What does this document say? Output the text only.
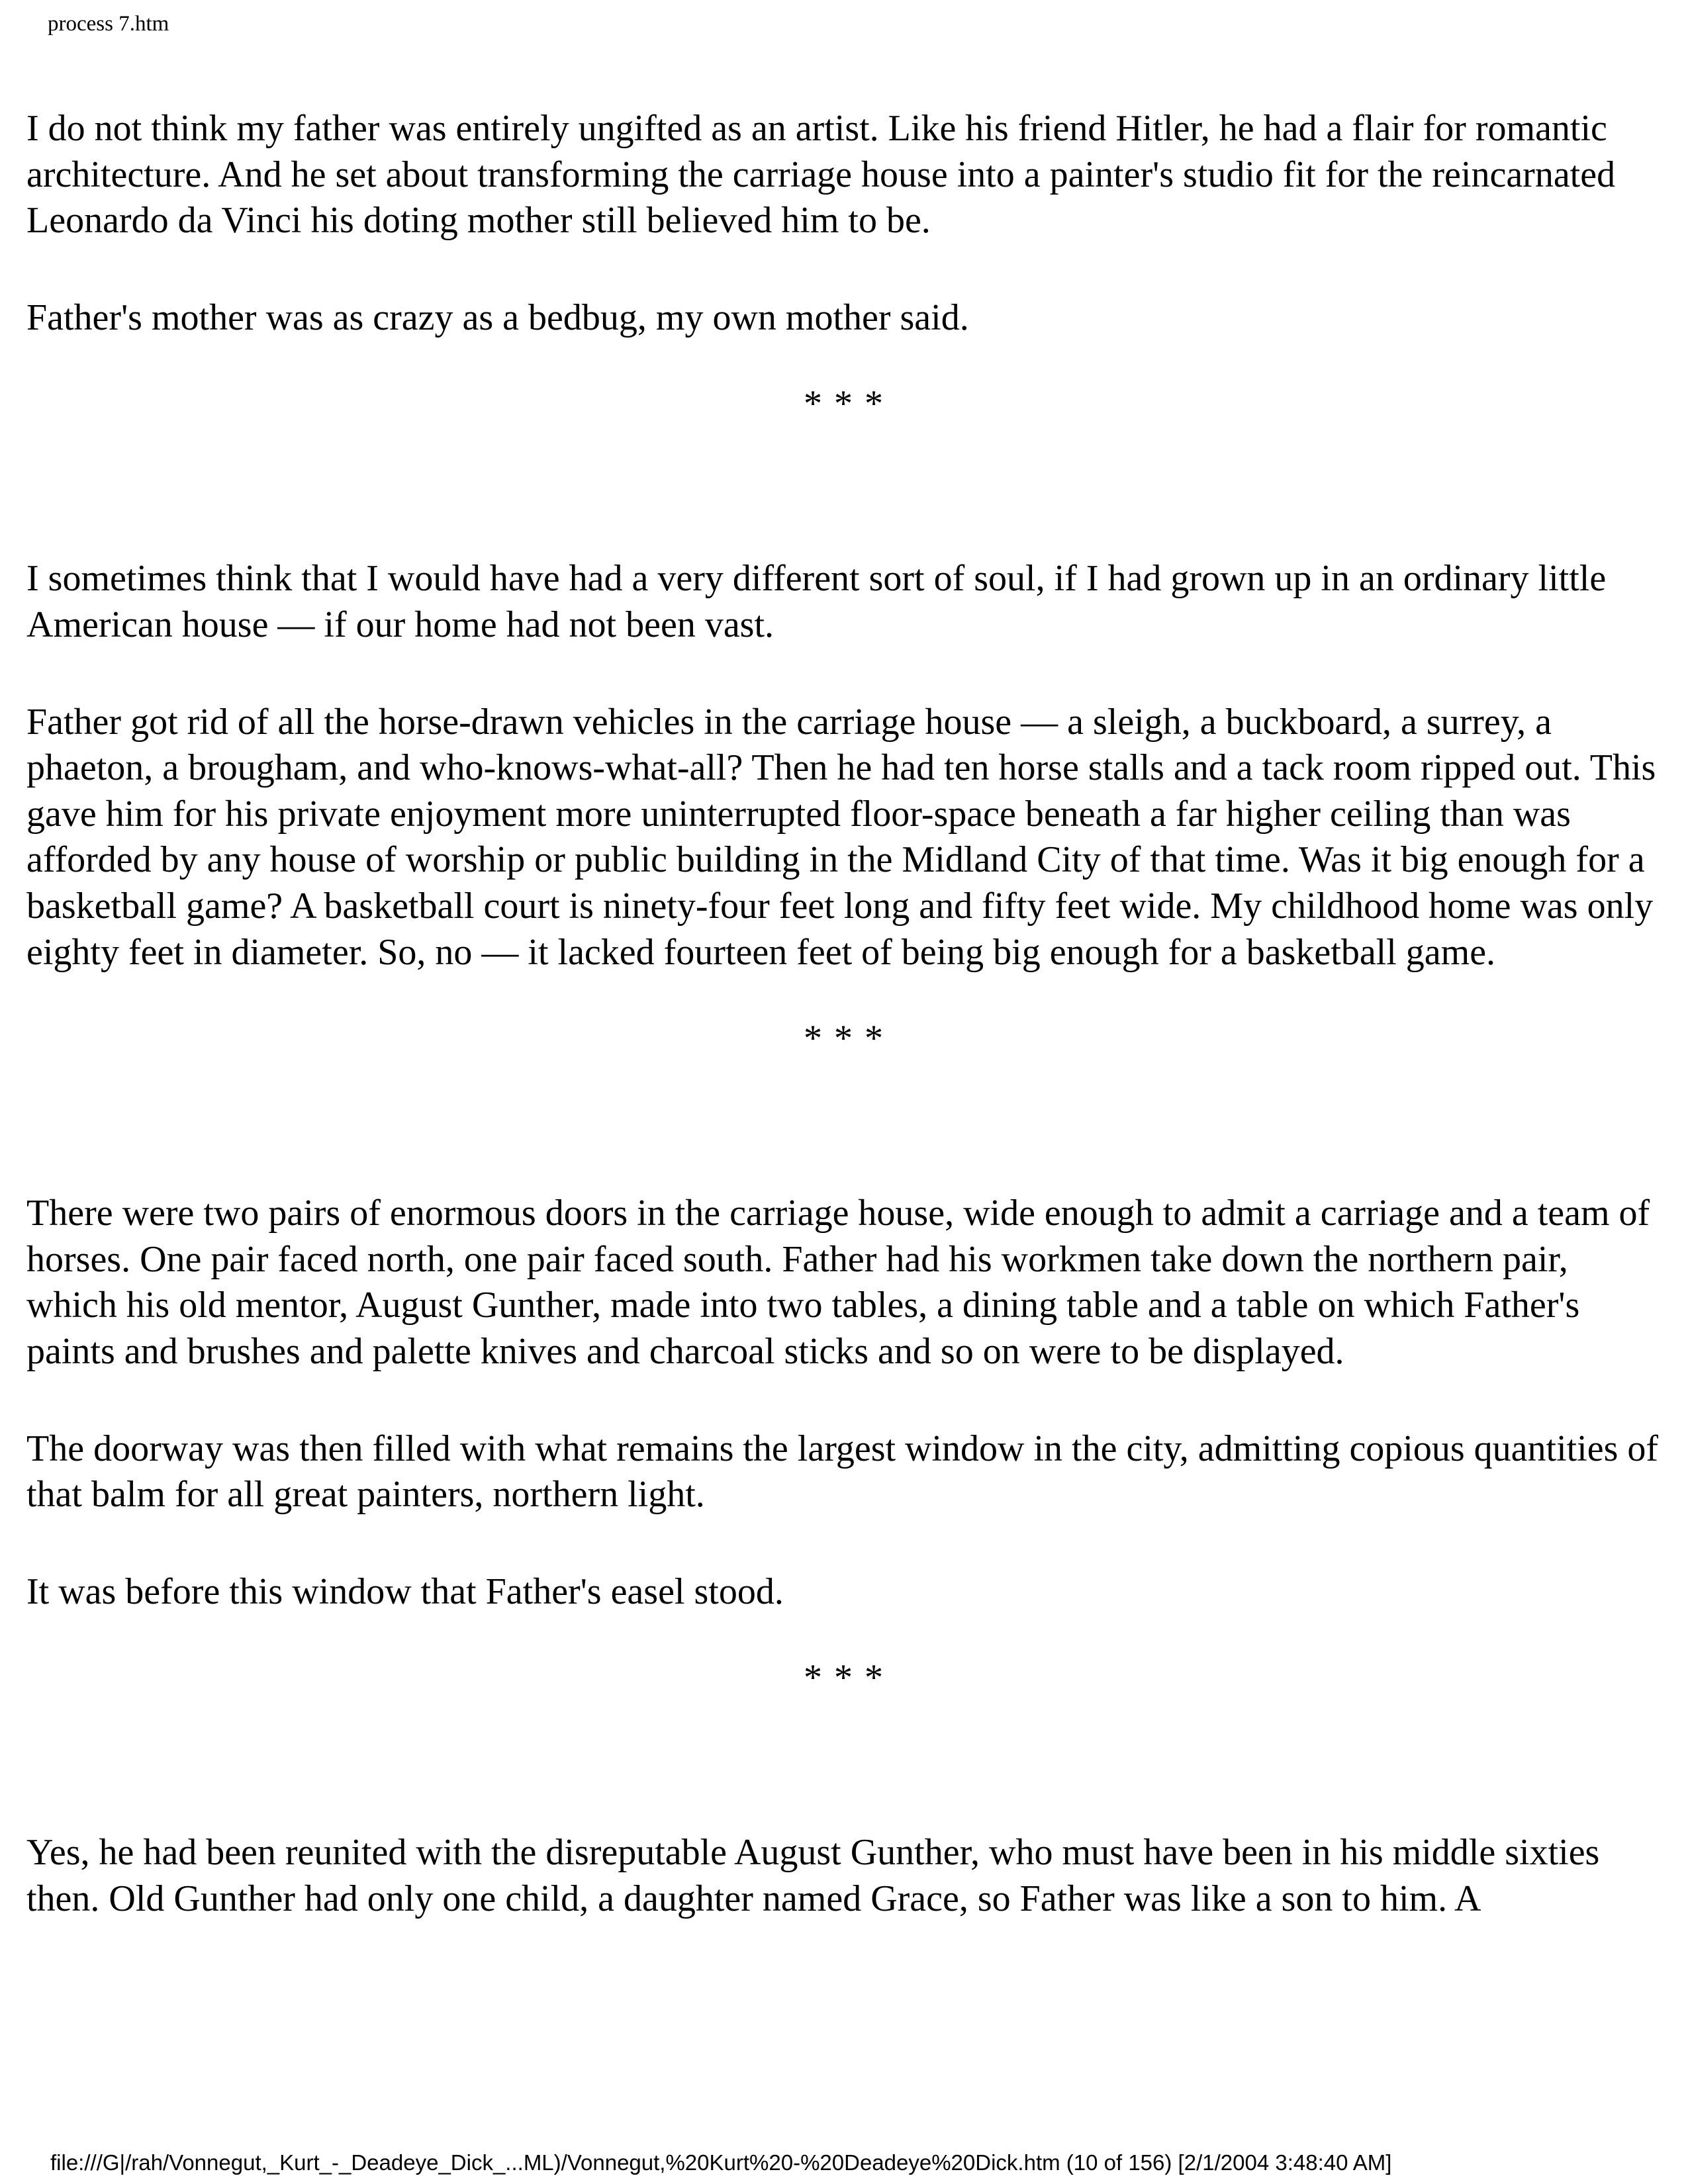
process 7.htm

I do not think my father was entirely ungifted as an artist. Like his friend Hitler, he had a flair for romantic architecture. And he set about transforming the carriage house into a painter's studio fit for the reincarnated Leonardo da Vinci his doting mother still believed him to be.

Father's mother was as crazy as a bedbug, my own mother said.

* * *

I sometimes think that I would have had a very different sort of soul, if I had grown up in an ordinary little American house — if our home had not been vast.

Father got rid of all the horse-drawn vehicles in the carriage house — a sleigh, a buckboard, a surrey, a phaeton, a brougham, and who-knows-what-all? Then he had ten horse stalls and a tack room ripped out. This gave him for his private enjoyment more uninterrupted floor-space beneath a far higher ceiling than was afforded by any house of worship or public building in the Midland City of that time. Was it big enough for a basketball game? A basketball court is ninety-four feet long and fifty feet wide. My childhood home was only eighty feet in diameter. So, no — it lacked fourteen feet of being big enough for a basketball game.

* * *

There were two pairs of enormous doors in the carriage house, wide enough to admit a carriage and a team of horses. One pair faced north, one pair faced south. Father had his workmen take down the northern pair, which his old mentor, August Gunther, made into two tables, a dining table and a table on which Father's paints and brushes and palette knives and charcoal sticks and so on were to be displayed.

The doorway was then filled with what remains the largest window in the city, admitting copious quantities of that balm for all great painters, northern light.

It was before this window that Father's easel stood.

* * *

Yes, he had been reunited with the disreputable August Gunther, who must have been in his middle sixties then. Old Gunther had only one child, a daughter named Grace, so Father was like a son to him. A

file:///G|/rah/Vonnegut,_Kurt_-_Deadeye_Dick_...ML)/Vonnegut,%20Kurt%20-%20Deadeye%20Dick.htm (10 of 156) [2/1/2004 3:48:40 AM]
